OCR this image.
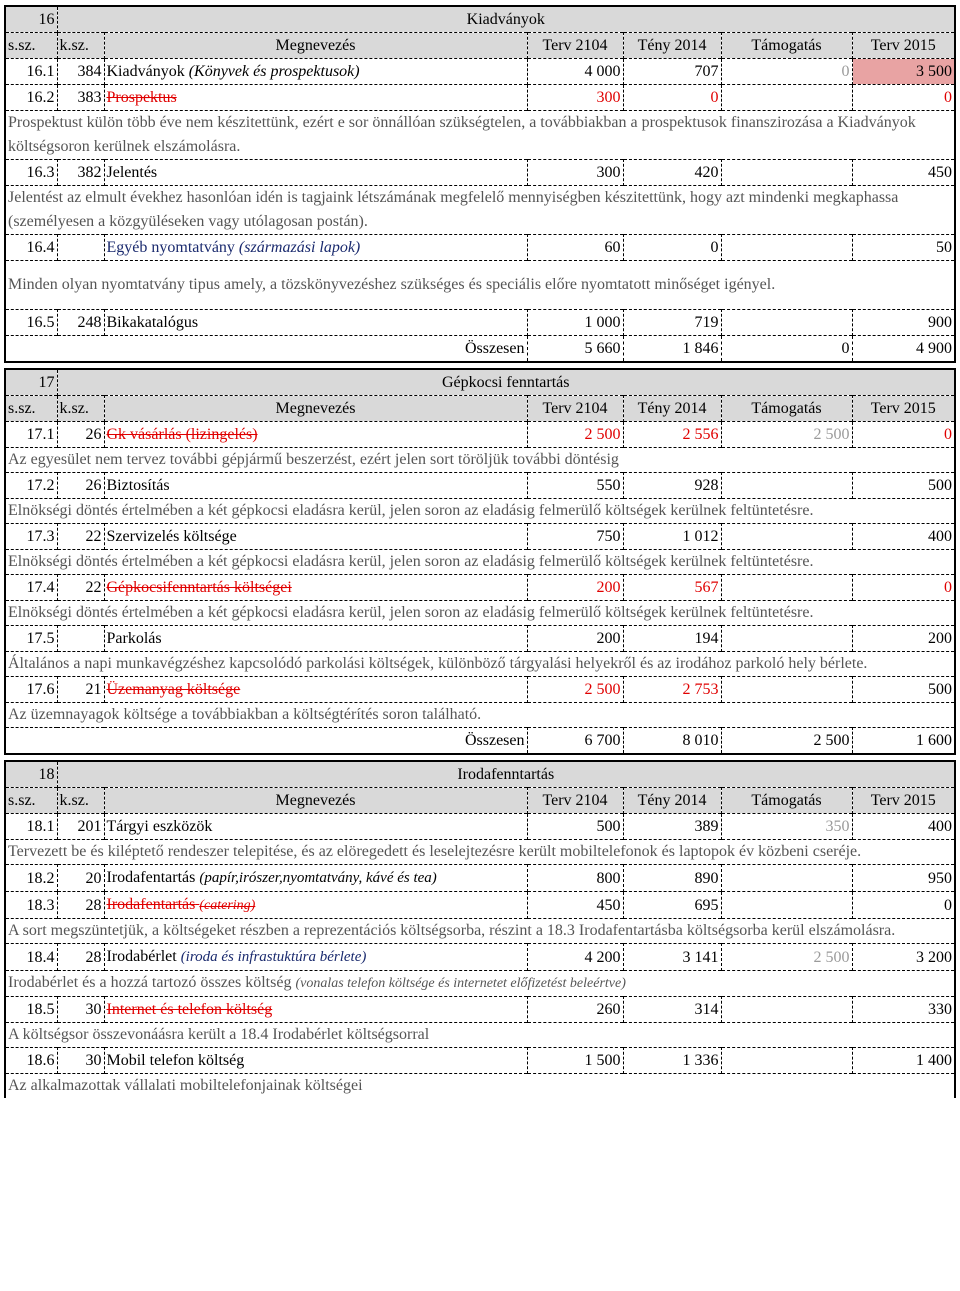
16	Kiadványok					
s.sz.	k.sz.	Megnevezés	Terv 2104	Tény 2014	Támogatás	Terv 2015
16.1	384	Kiadványok (Könyvek és prospektusok)	4 000	707	0	3 500
16.2	383	Prospektus	300	0		0
Prospektust külön több éve nem készitettünk, ezért e sor önnállóan szükségtelen, a továbbiakban a prospektusok finanszirozása a Kiadványok költségsoron kerülnek elszámolásra.						
16.3	382	Jelentés	300	420		450
Jelentést az elmult évekhez hasonlóan idén is tagjaink létszámának megfelelő mennyiségben készitettünk, hogy azt mindenki megkaphassa (személyesen a közgyüléseken vagy utólagosan postán).						
16.4		Egyéb nyomtatvány (származási lapok)	60	0		50
Minden olyan nyomtatvány tipus amely, a tözskönyvezéshez szükséges és speciális előre nyomtatott minőséget igényel.						
16.5	248	Bikakatalógus	1 000	719		900
		Összesen	5 660	1 846	0	4 900
17	Gépkocsi fenntartás					
s.sz.	k.sz.	Megnevezés	Terv 2104	Tény 2014	Támogatás	Terv 2015
17.1	26	Gk vásárlás (lizingelés)	2 500	2 556	2 500	0
Az egyesület nem tervez további gépjármű beszerzést, ezért jelen sort töröljük további döntésig						
17.2	26	Biztosítás	550	928		500
Elnökségi döntés értelmében a két gépkocsi eladásra kerül, jelen soron az eladásig felmerülő költségek kerülnek feltüntetésre.						
17.3	22	Szervizelés költsége	750	1 012		400
Elnökségi döntés értelmében a két gépkocsi eladásra kerül, jelen soron az eladásig felmerülő költségek kerülnek feltüntetésre.						
17.4	22	Gépkocsifenntartás költségei	200	567		0
Elnökségi döntés értelmében a két gépkocsi eladásra kerül, jelen soron az eladásig felmerülő költségek kerülnek feltüntetésre.						
17.5		Parkolás	200	194		200
Általános a napi munkavégzéshez kapcsolódó parkolási költségek, különböző tárgyalási helyekről és az irodához parkoló hely bérlete.						
17.6	21	Üzemanyag költsége	2 500	2 753		500
Az üzemnayagok költsége a továbbiakban a költségtérítés soron található.						
		Összesen	6 700	8 010	2 500	1 600
18	Irodafenntartás					
s.sz.	k.sz.	Megnevezés	Terv 2104	Tény 2014	Támogatás	Terv 2015
18.1	201	Tárgyi eszközök	500	389	350	400
Tervezett be és kiléptető rendeszer telepitése, és az elöregedett és leselejtezésre került mobiltelefonok és laptopok év közbeni cseréje.						
18.2	20	Irodafentartás (papír,irószer,nyomtatvány, kávé és tea)	800	890		950
18.3	28	Irodafentartás (catering)	450	695		0
A sort megszüntetjük, a költségeket részben a reprezentációs költségsorba, részint a 18.3 Irodafentartásba költségsorba kerül elszámolásra.						
18.4	28	Irodabérlet (iroda és infrastuktúra bérlete)	4 200	3 141	2 500	3 200
Irodabérlet és a hozzá tartozó összes költség (vonalas telefon költsége és internetet előfizetést beleértve)						
18.5	30	Internet és telefon költség	260	314		330
A költségsor összevonáásra került a 18.4 Irodabérlet költségsorral						
18.6	30	Mobil telefon költség	1 500	1 336		1 400
Az alkalmazottak vállalati mobiltelefonjainak költségei						
